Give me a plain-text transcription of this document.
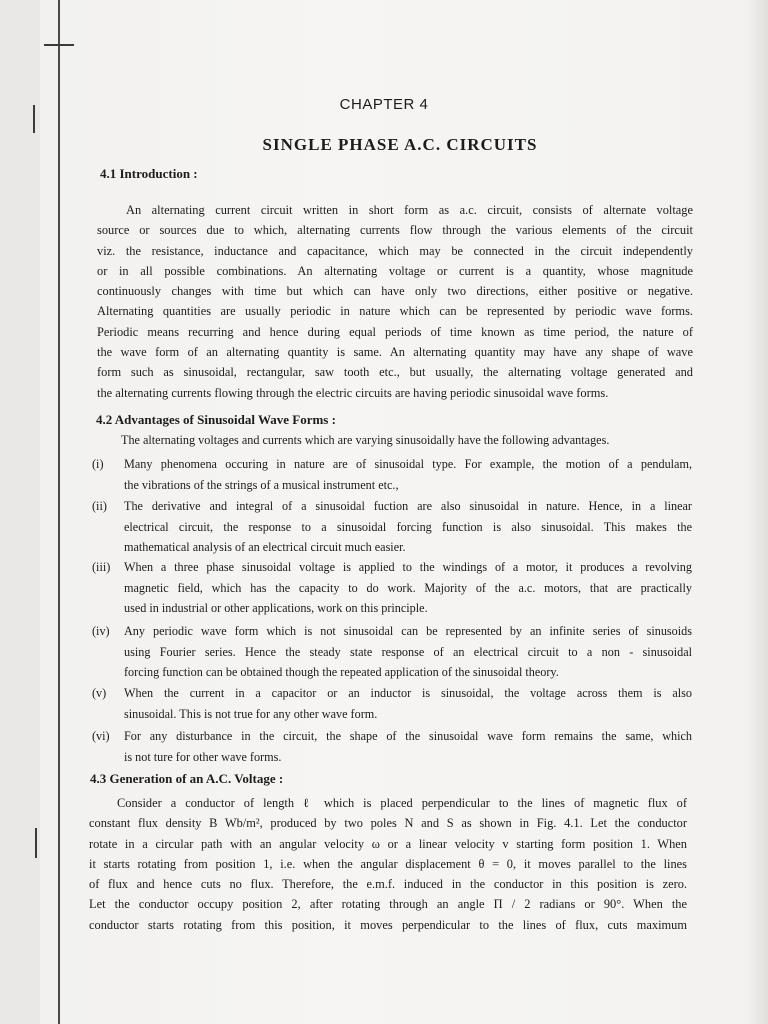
CHAPTER 4
SINGLE PHASE A.C. CIRCUITS
4.1 Introduction :
An alternating current circuit written in short form as a.c. circuit, consists of alternate voltage
source or sources due to which, alternating currents flow through the various elements of the circuit
viz. the resistance, inductance and capacitance, which may be connected in the circuit independently
or in all possible combinations. An alternating voltage or current is a quantity, whose magnitude
continuously changes with time but which can have only two directions, either positive or negative.
Alternating quantities are usually periodic in nature which can be represented by periodic wave forms.
Periodic means recurring and hence during equal periods of time known as time period, the nature of
the wave form of an alternating quantity is same. An alternating quantity may have any shape of wave
form such as sinusoidal, rectangular, saw tooth etc., but usually, the alternating voltage generated and
the alternating currents flowing through the electric circuits are having periodic sinusoidal wave forms.
4.2 Advantages of Sinusoidal Wave Forms :
The alternating voltages and currents which are varying sinusoidally have the following advantages.
(i) Many phenomena occuring in nature are of sinusoidal type. For example, the motion of a pendulam,
the vibrations of the strings of a musical instrument etc.,
(ii) The derivative and integral of a sinusoidal fuction are also sinusoidal in nature. Hence, in a linear
electrical circuit, the response to a sinusoidal forcing function is also sinusoidal. This makes the
mathematical analysis of an electrical circuit much easier.
(iii) When a three phase sinusoidal voltage is applied to the windings of a motor, it produces a revolving
magnetic field, which has the capacity to do work. Majority of the a.c. motors, that are practically
used in industrial or other applications, work on this principle.
(iv) Any periodic wave form which is not sinusoidal can be represented by an infinite series of sinusoids
using Fourier series. Hence the steady state response of an electrical circuit to a non - sinusoidal
forcing function can be obtained though the repeated application of the sinusoidal theory.
(v) When the current in a capacitor or an inductor is sinusoidal, the voltage across them is also
sinusoidal. This is not true for any other wave form.
(vi) For any disturbance in the circuit, the shape of the sinusoidal wave form remains the same, which
is not ture for other wave forms.
4.3 Generation of an A.C. Voltage :
Consider a conductor of length ℓ which is placed perpendicular to the lines of magnetic flux of
constant flux density B Wb/m², produced by two poles N and S as shown in Fig. 4.1. Let the conductor
rotate in a circular path with an angular velocity ω or a linear velocity v starting form position 1. When
it starts rotating from position 1, i.e. when the angular displacement θ = 0, it moves parallel to the lines
of flux and hence cuts no flux. Therefore, the e.m.f. induced in the conductor in this position is zero.
Let the conductor occupy position 2, after rotating through an angle Π / 2 radians or 90°. When the
conductor starts rotating from this position, it moves perpendicular to the lines of flux, cuts maximum
